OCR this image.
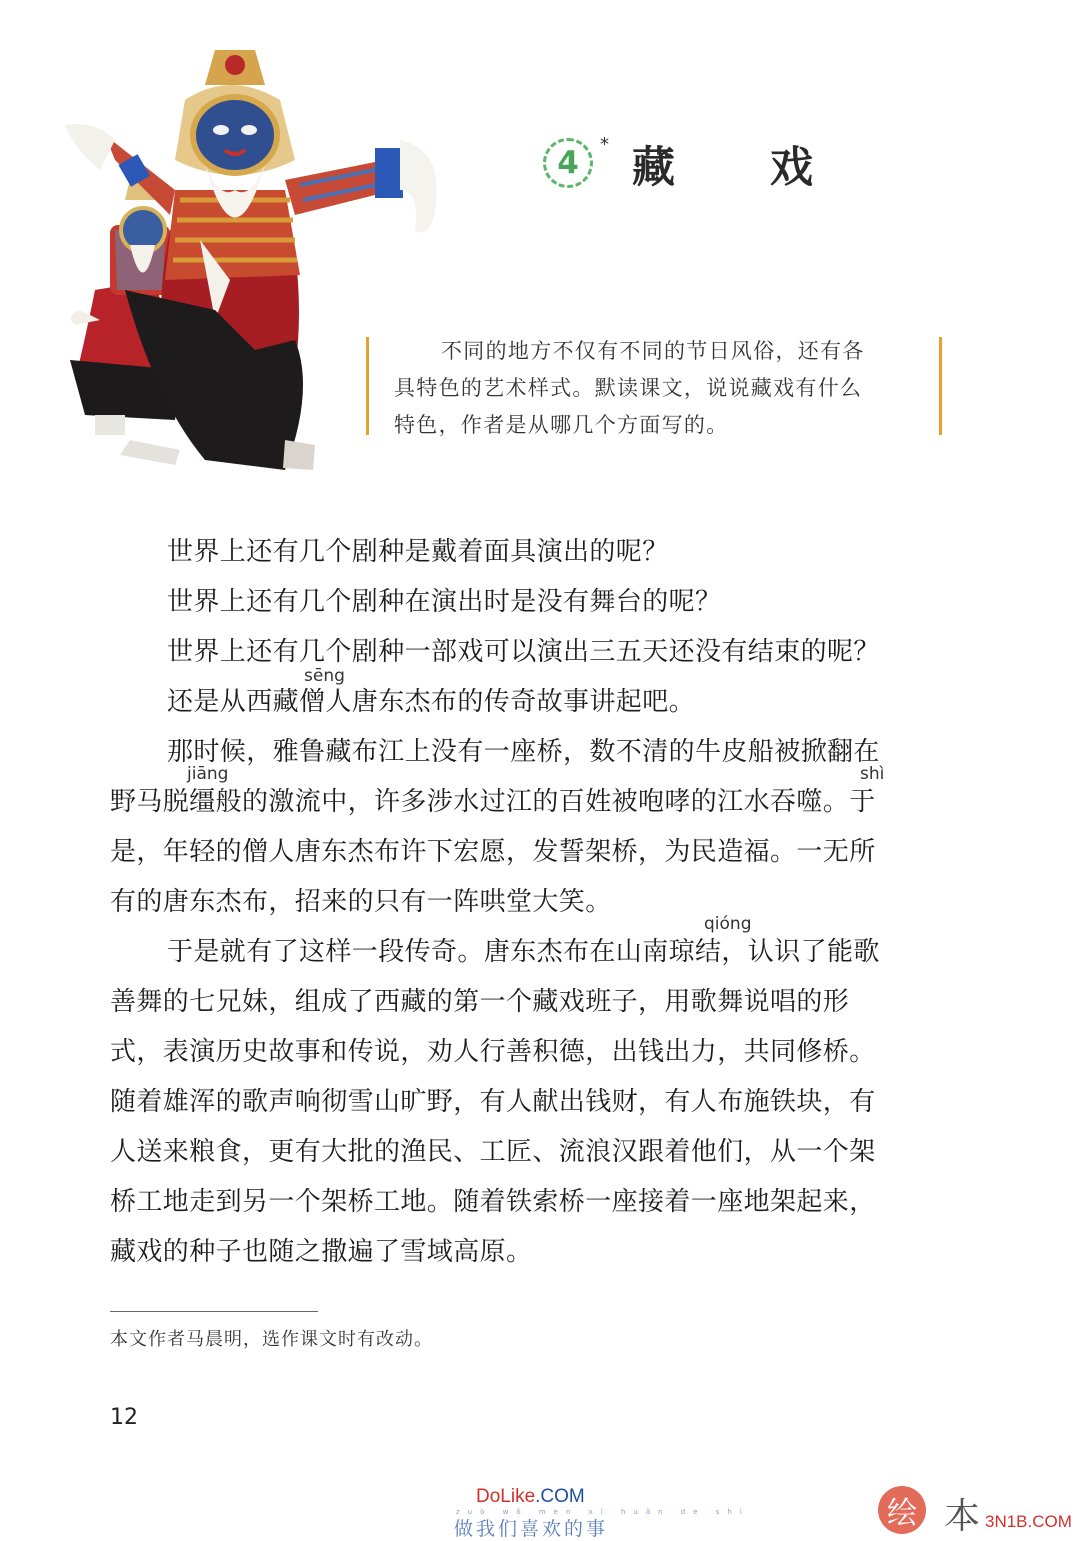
4
* 藏 戏

不同的地方不仅有不同的节日风俗，还有各

具特色的艺术样式。默读课文，说说藏戏有什么

特色，作者是从哪几个方面写的。

世界上还有几个剧种是戴着面具演出的呢？
世界上还有几个剧种在演出时是没有舞台的呢？
世界上还有几个剧种一部戏可以演出三五天还没有结束的呢？
sēng
还是从西藏僧人唐东杰布的传奇故事讲起吧。
那时候，雅鲁藏布江上没有一座桥，数不清的牛皮船被掀翻在
jiāng	shì
野马脱缰般的激流中，许多涉水过江的百姓被咆哮的江水吞噬。于
是，年轻的僧人唐东杰布许下宏愿，发誓架桥，为民造福。一无所
有的唐东杰布，招来的只有一阵哄堂大笑。
qióng
于是就有了这样一段传奇。唐东杰布在山南琼结，认识了能歌
善舞的七兄妹，组成了西藏的第一个藏戏班子，用歌舞说唱的形
式，表演历史故事和传说，劝人行善积德，出钱出力，共同修桥。
随着雄浑的歌声响彻雪山旷野，有人献出钱财，有人布施铁块，有
人送来粮食，更有大批的渔民、工匠、流浪汉跟着他们，从一个架
桥工地走到另一个架桥工地。随着铁索桥一座接着一座地架起来，
藏戏的种子也随之撒遍了雪域高原。
本文作者马晨明，选作课文时有改动。
12
DoLike.COM
zuò wǒ men xǐ huān de shì
做我们喜欢的事	绘 本 3N1B.COM
